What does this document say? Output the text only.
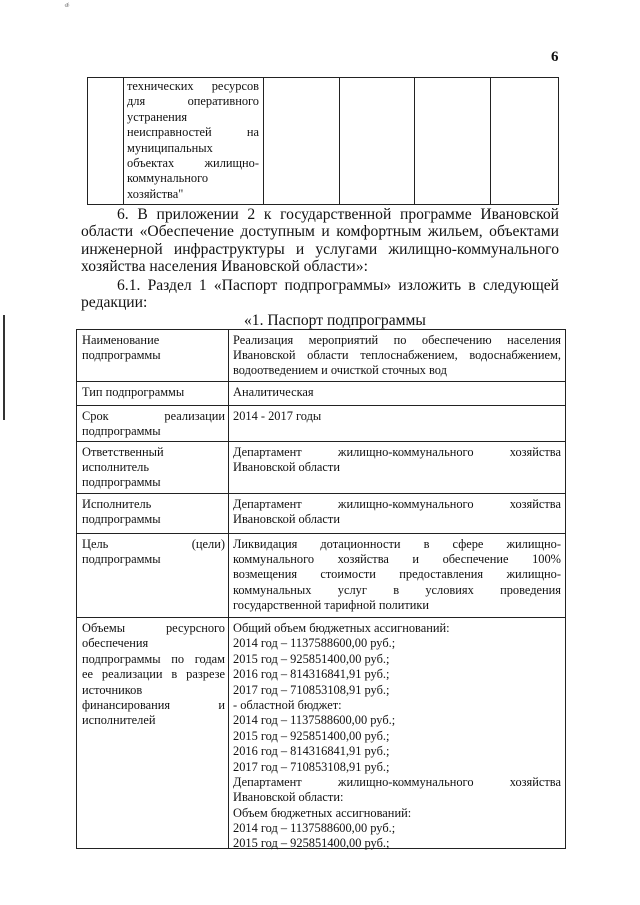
·ıJf·
6
технических ресурсов
для оперативного
устранения
неисправностей на
муниципальных
объектах жилищно-
коммунального
хозяйства"
6. В приложении 2 к государственной программе Ивановской
области «Обеспечение доступным и комфортным жильем, объектами
инженерной инфраструктуры и услугами жилищно-коммунального
хозяйства населения Ивановской области»:
6.1. Раздел 1 «Паспорт подпрограммы» изложить в следующей
редакции:
«1. Паспорт подпрограммы
Наименование
подпрограммы
Реализация мероприятий по обеспечению населения
Ивановской области теплоснабжением, водоснабжением,
водоотведением и очисткой сточных вод
Тип подпрограммы	Аналитическая
Срок реализации
подпрограммы
2014 - 2017 годы
Ответственный
исполнитель
подпрограммы
Департамент жилищно-коммунального хозяйства
Ивановской области
Исполнитель
подпрограммы
Департамент жилищно-коммунального хозяйства
Ивановской области
Цель (цели)
подпрограммы
Ликвидация дотационности в сфере жилищно-
коммунального хозяйства и обеспечение 100%
возмещения стоимости предоставления жилищно-
коммунальных услуг в условиях проведения
государственной тарифной политики
Объемы ресурсного
обеспечения
подпрограммы по годам
ее реализации в разрезе
источников
финансирования и
исполнителей
Общий объем бюджетных ассигнований:
2014 год – 1137588600,00 руб.;
2015 год – 925851400,00 руб.;
2016 год – 814316841,91 руб.;
2017 год – 710853108,91 руб.;
- областной бюджет:
2014 год – 1137588600,00 руб.;
2015 год – 925851400,00 руб.;
2016 год – 814316841,91 руб.;
2017 год – 710853108,91 руб.;
Департамент жилищно-коммунального хозяйства
Ивановской области:
Объем бюджетных ассигнований:
2014 год – 1137588600,00 руб.;
2015 год – 925851400,00 руб.;
